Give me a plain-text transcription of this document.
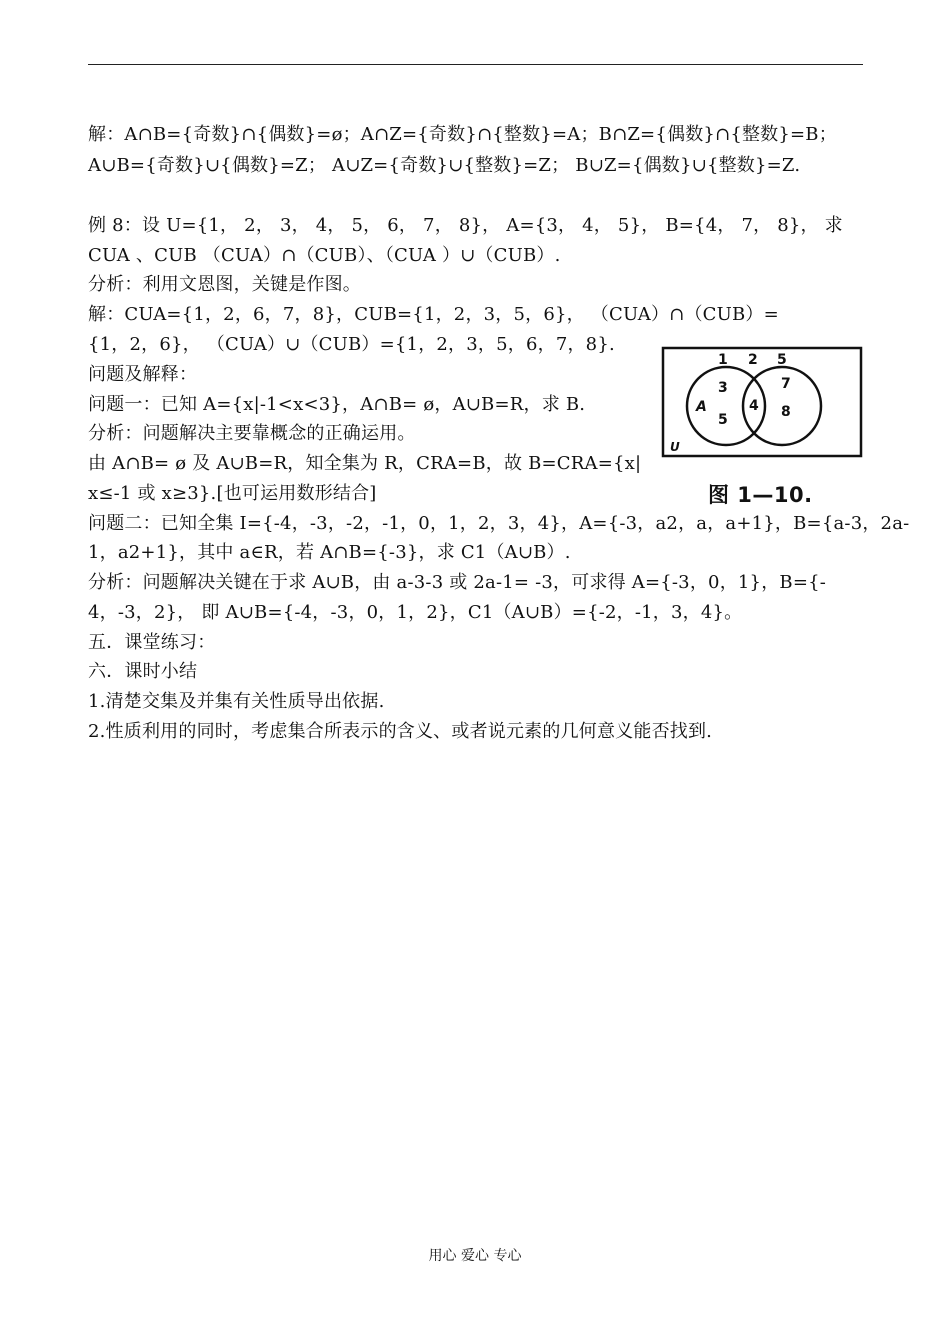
解：A∩B={奇数}∩{偶数}=ø；A∩Z={奇数}∩{整数}=A；B∩Z={偶数}∩{整数}=B；
A∪B={奇数}∪{偶数}=Z； A∪Z={奇数}∪{整数}=Z； B∪Z={偶数}∪{整数}=Z.
例 8：设 U={1， 2， 3， 4， 5， 6， 7， 8}， A={3， 4， 5}， B={4， 7， 8}， 求
CUA 、CUB （CUA）∩（CUB）、（CUA ）∪（CUB）.
分析：利用文恩图，关键是作图。
解：CUA={1，2，6，7，8}，CUB={1，2，3，5，6}， （CUA）∩（CUB）=
{1，2，6}， （CUA）∪（CUB）={1，2，3，5，6，7，8}.
问题及解释：
问题一：已知 A={x|-1<x<3}，A∩B= ø，A∪B=R，求 B.
分析：问题解决主要靠概念的正确运用。
由 A∩B= ø 及 A∪B=R，知全集为 R，CRA=B，故 B=CRA={x|
x≤-1 或 x≥3}.[也可运用数形结合]
问题二：已知全集 I={-4，-3，-2，-1，0，1，2，3，4}，A={-3，a2，a，a+1}，B={a-3，2a-
1，a2+1}，其中 a∈R，若 A∩B={-3}，求 C1（A∪B）.
分析：问题解决关键在于求 A∪B，由 a-3-3 或 2a-1= -3，可求得 A={-3，0，1}，B={-
4，-3，2}， 即 A∪B={-4，-3，0，1，2}，C1（A∪B）={-2，-1，3，4}。
五．课堂练习：
六．课时小结
1.清楚交集及并集有关性质导出依据.
2.性质利用的同时，考虑集合所表示的含义、或者说元素的几何意义能否找到.
1 2 5
A
3
5
4
7
8
U
图 1—10.
用心 爱心 专心
